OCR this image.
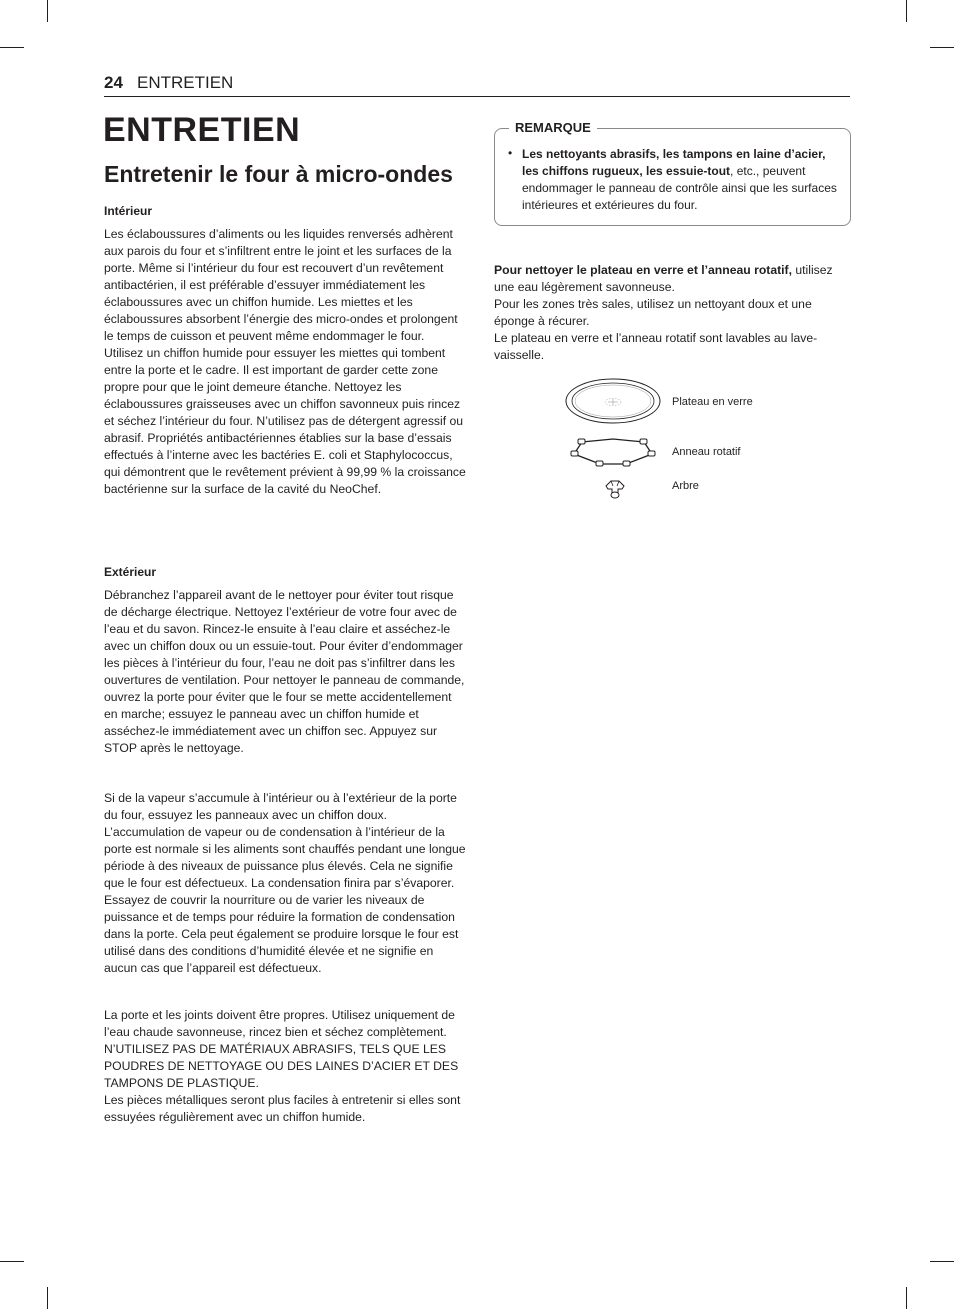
24 ENTRETIEN
ENTRETIEN
Entretenir le four à micro-ondes
Intérieur

Les éclaboussures d’aliments ou les liquides renversés adhèrent aux parois du four et s’infiltrent entre le joint et les surfaces de la porte. Même si l’intérieur du four est recouvert d’un revêtement antibactérien, il est préférable d’essuyer immédiatement les éclaboussures avec un chiffon humide. Les miettes et les éclaboussures absorbent l’énergie des micro-ondes et prolongent le temps de cuisson et peuvent même endommager le four. Utilisez un chiffon humide pour essuyer les miettes qui tombent entre la porte et le cadre. Il est important de garder cette zone propre pour que le joint demeure étanche. Nettoyez les éclaboussures graisseuses avec un chiffon savonneux puis rincez et séchez l’intérieur du four. N’utilisez pas de détergent agressif ou abrasif. Propriétés antibactériennes établies sur la base d’essais effectués à l’interne avec les bactéries E. coli et Staphylococcus, qui démontrent que le revêtement prévient à 99,99 % la croissance bactérienne sur la surface de la cavité du NeoChef.

Extérieur

Débranchez l’appareil avant de le nettoyer pour éviter tout risque de décharge électrique. Nettoyez l’extérieur de votre four avec de l’eau et du savon. Rincez-le ensuite à l’eau claire et asséchez-le avec un chiffon doux ou un essuie-tout. Pour éviter d’endommager les pièces à l’intérieur du four, l’eau ne doit pas s’infiltrer dans les ouvertures de ventilation. Pour nettoyer le panneau de commande, ouvrez la porte pour éviter que le four se mette accidentellement en marche; essuyez le panneau avec un chiffon humide et asséchez-le immédiatement avec un chiffon sec. Appuyez sur STOP après le nettoyage.

Si de la vapeur s’accumule à l’intérieur ou à l’extérieur de la porte du four, essuyez les panneaux avec un chiffon doux. L’accumulation de vapeur ou de condensation à l’intérieur de la porte est normale si les aliments sont chauffés pendant une longue période à des niveaux de puissance plus élevés. Cela ne signifie que le four est défectueux. La condensation finira par s’évaporer. Essayez de couvrir la nourriture ou de varier les niveaux de puissance et de temps pour réduire la formation de condensation dans la porte. Cela peut également se produire lorsque le four est utilisé dans des conditions d’humidité élevée et ne signifie en aucun cas que l’appareil est défectueux.

La porte et les joints doivent être propres. Utilisez uniquement de l’eau chaude savonneuse, rincez bien et séchez complètement. N’UTILISEZ PAS DE MATÉRIAUX ABRASIFS, TELS QUE LES POUDRES DE NETTOYAGE OU DES LAINES D’ACIER ET DES TAMPONS DE PLASTIQUE.
Les pièces métalliques seront plus faciles à entretenir si elles sont essuyées régulièrement avec un chiffon humide.
REMARQUE
• Les nettoyants abrasifs, les tampons en laine d’acier, les chiffons rugueux, les essuie-tout, etc., peuvent endommager le panneau de contrôle ainsi que les surfaces intérieures et extérieures du four.
Pour nettoyer le plateau en verre et l’anneau rotatif, utilisez une eau légèrement savonneuse.
Pour les zones très sales, utilisez un nettoyant doux et une éponge à récurer.
Le plateau en verre et l’anneau rotatif sont lavables au lave-vaisselle.
Plateau en verre
Anneau rotatif
Arbre
